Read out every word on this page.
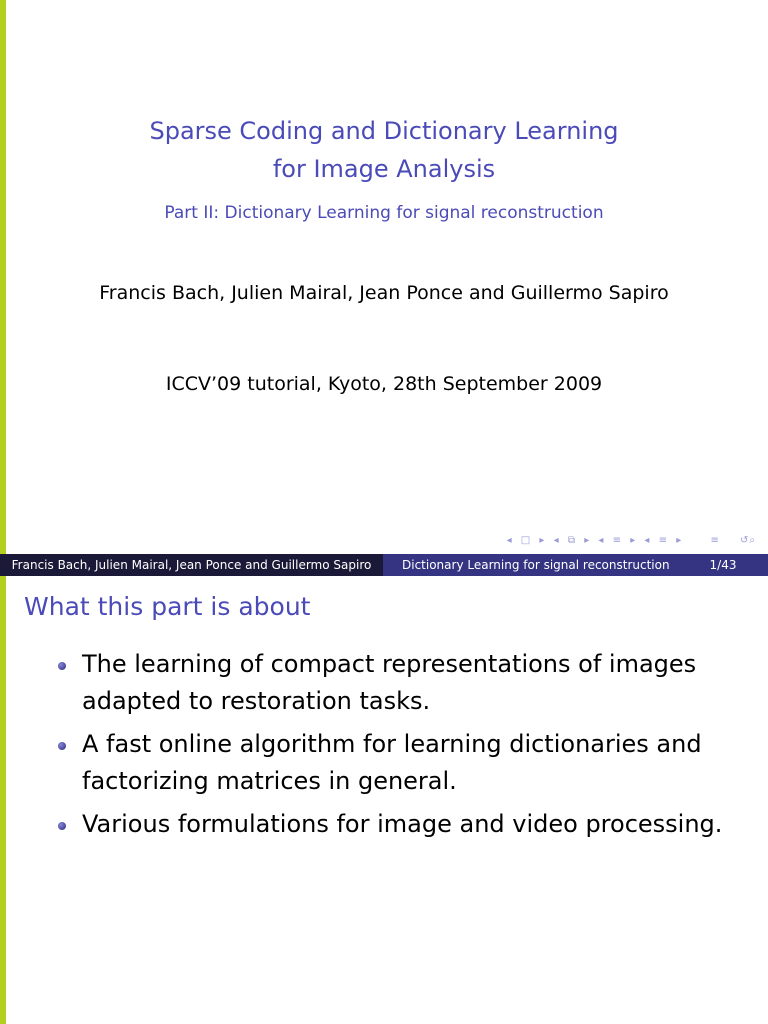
Sparse Coding and Dictionary Learning
for Image Analysis
Part II: Dictionary Learning for signal reconstruction
Francis Bach, Julien Mairal, Jean Ponce and Guillermo Sapiro
ICCV’09 tutorial, Kyoto, 28th September 2009
◂ □ ▸ ◂ ⧉ ▸ ◂ ≡ ▸ ◂ ≡ ▸	≡ ↺⌕
Francis Bach, Julien Mairal, Jean Ponce and Guillermo Sapiro	Dictionary Learning for signal reconstruction	1/43
What this part is about
The learning of compact representations of images
adapted to restoration tasks.
A fast online algorithm for learning dictionaries and
factorizing matrices in general.
Various formulations for image and video processing.
